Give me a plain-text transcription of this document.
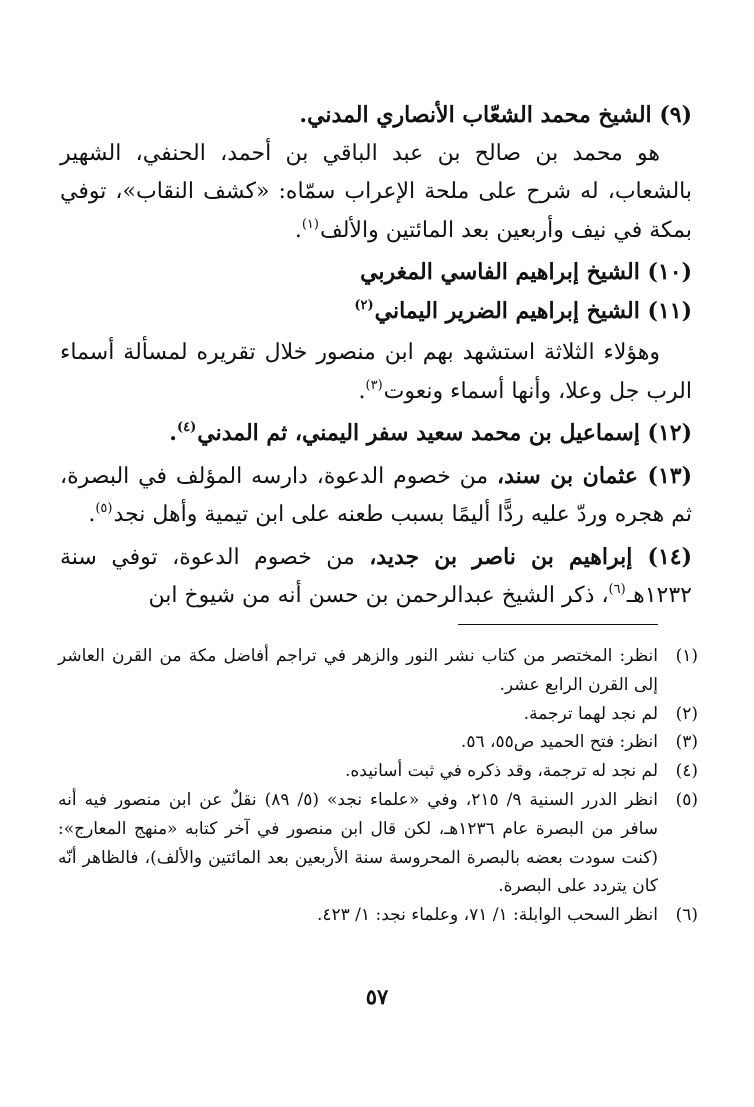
(٩) الشيخ محمد الشعّاب الأنصاري المدني.

هو محمد بن صالح بن عبد الباقي بن أحمد، الحنفي، الشهير بالشعاب، له شرح على ملحة الإعراب سمّاه: «كشف النقاب»، توفي بمكة في نيف وأربعين بعد المائتين والألف$^{(١)}$.

(١٠) الشيخ إبراهيم الفاسي المغربي

(١١) الشيخ إبراهيم الضرير اليماني$^{(٢)}$

وهؤلاء الثلاثة استشهد بهم ابن منصور خلال تقريره لمسألة أسماء الرب جل وعلا، وأنها أسماء ونعوت$^{(٣)}$.

(١٢) إسماعيل بن محمد سعيد سفر اليمني، ثم المدني$^{(٤)}$.

(١٣) عثمان بن سند، من خصوم الدعوة، دارسه المؤلف في البصرة، ثم هجره وردّ عليه ردًّا أليمًا بسبب طعنه على ابن تيمية وأهل نجد$^{(٥)}$.

(١٤) إبراهيم بن ناصر بن جديد، من خصوم الدعوة، توفي سنة ١٢٣٢هـ$^{(٦)}$، ذكر الشيخ عبدالرحمن بن حسن أنه من شيوخ ابن

(١)
انظر: المختصر من كتاب نشر النور والزهر في تراجم أفاضل مكة من القرن العاشر إلى القرن الرابع عشر.
(٢)
لم نجد لهما ترجمة.
(٣)
انظر: فتح الحميد ص٥٥، ٥٦.
(٤)
لم نجد له ترجمة، وقد ذكره في ثبت أسانيده.
(٥)
انظر الدرر السنية ٩/ ٢١٥، وفي «علماء نجد» (٥/ ٨٩) نقلٌ عن ابن منصور فيه أنه سافر من البصرة عام ١٢٣٦هـ، لكن قال ابن منصور في آخر كتابه «منهج المعارج»: (كنت سودت بعضه بالبصرة المحروسة سنة الأربعين بعد المائتين والألف)، فالظاهر أنّه كان يتردد على البصرة.
(٦)
انظر السحب الوابلة: ١/ ٧١، وعلماء نجد: ١/ ٤٢٣.
٥٧
